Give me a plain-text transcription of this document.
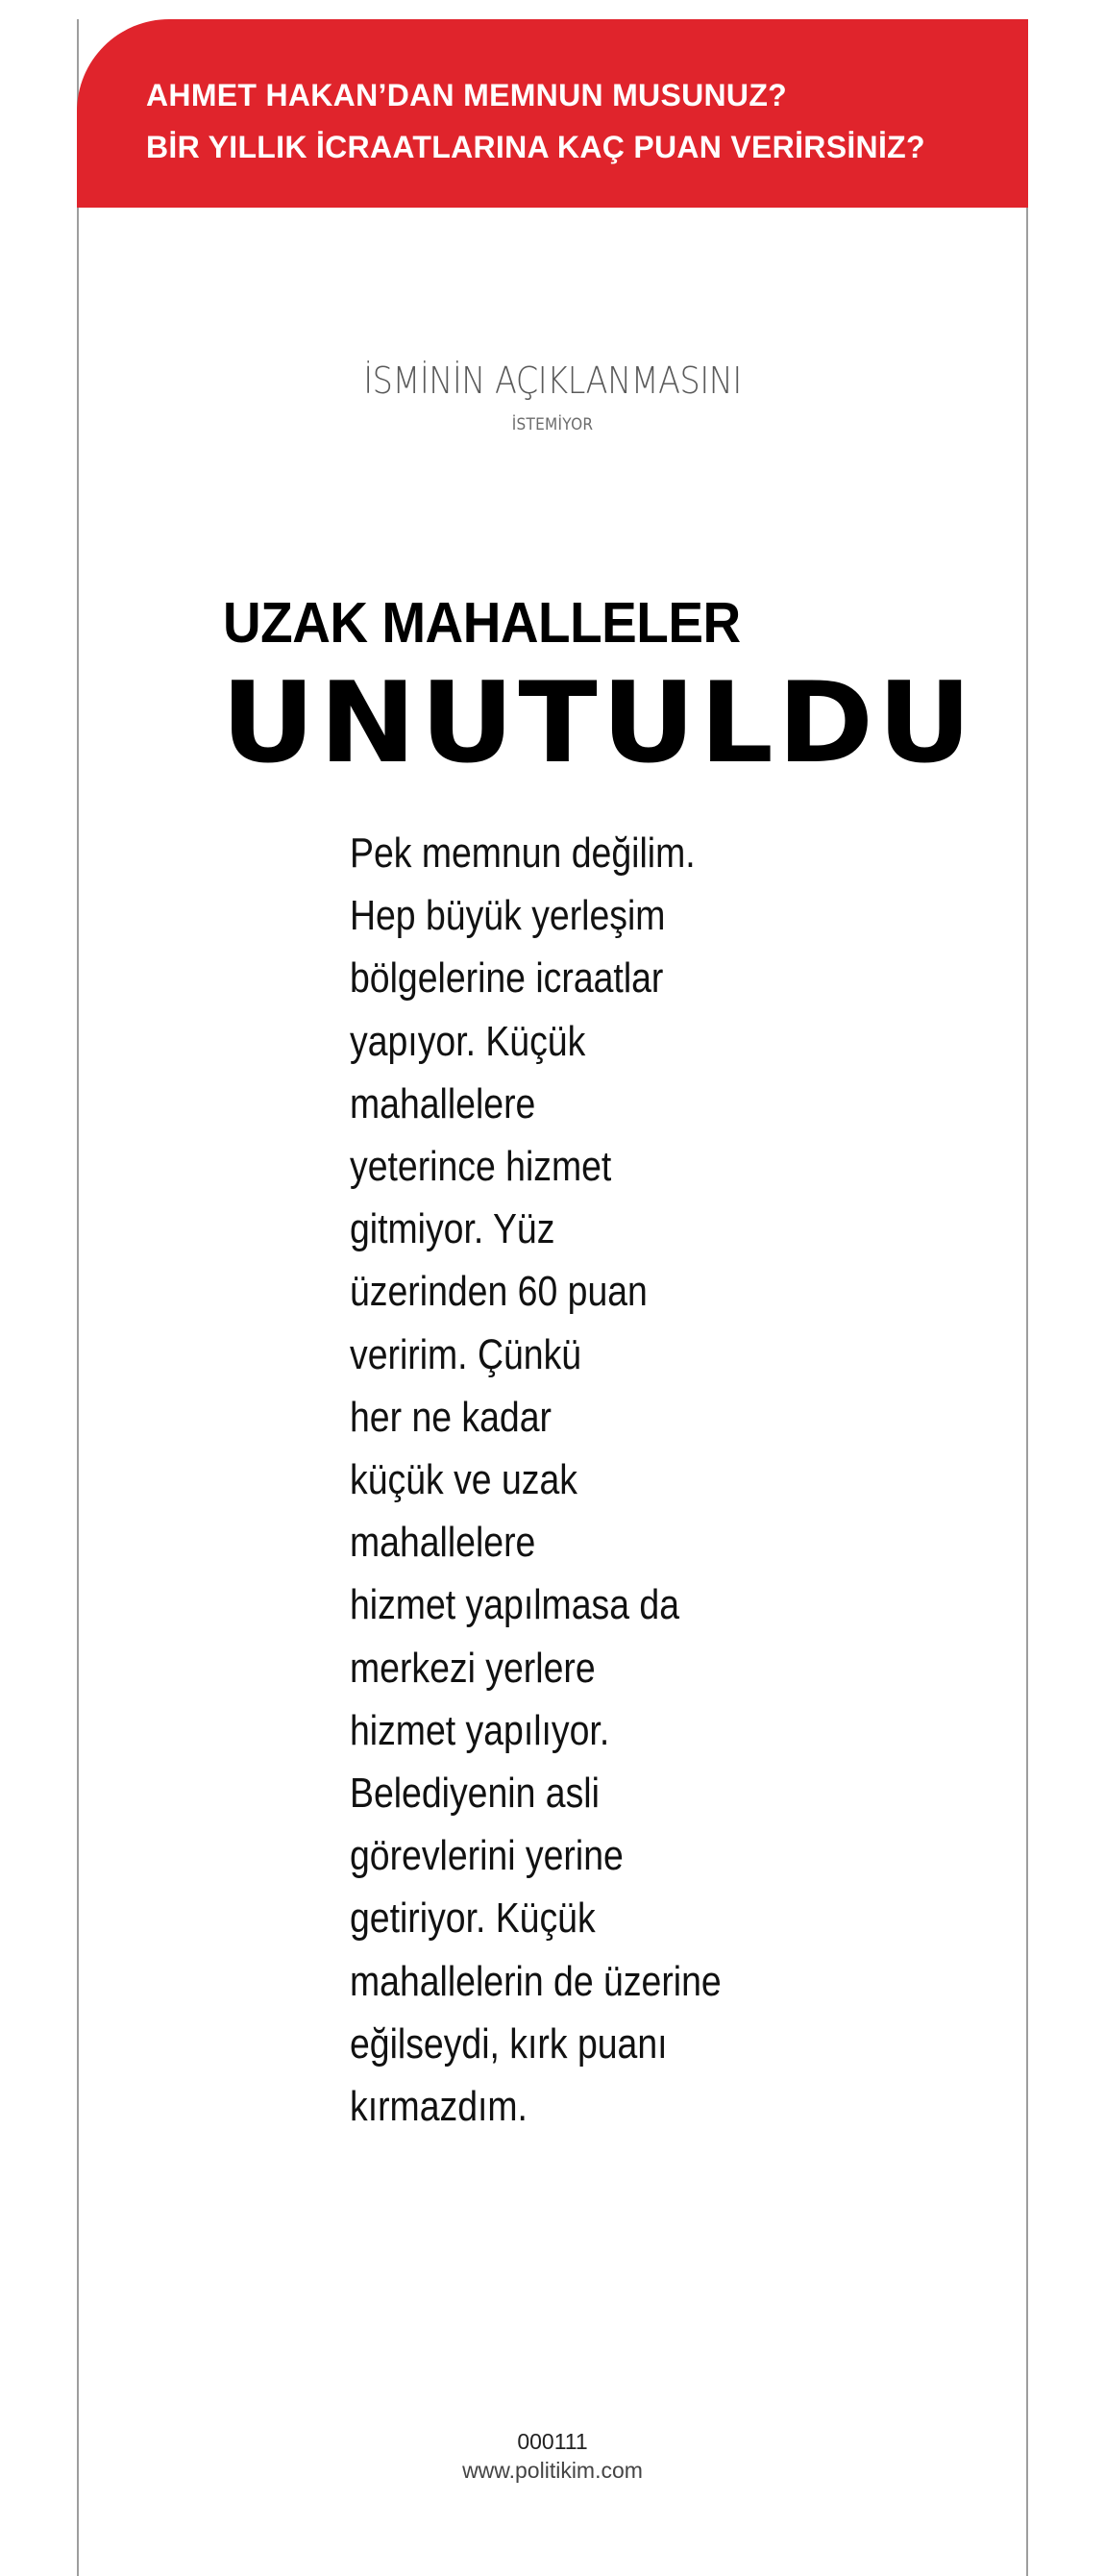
AHMET HAKAN’DAN MEMNUN MUSUNUZ?
BİR YILLIK İCRAATLARINA KAÇ PUAN VERİRSİNİZ?
İSMİNİN AÇIKLANMASINI
İSTEMİYOR
UZAK MAHALLELER
UNUTULDU
Pek memnun değilim.
Hep büyük yerleşim
bölgelerine icraatlar
yapıyor. Küçük
mahallelere
yeterince hizmet
gitmiyor. Yüz
üzerinden 60 puan
veririm. Çünkü
her ne kadar
küçük ve uzak
mahallelere
hizmet yapılmasa da
merkezi yerlere
hizmet yapılıyor.
Belediyenin asli
görevlerini yerine
getiriyor. Küçük
mahallelerin de üzerine
eğilseydi, kırk puanı
kırmazdım.
000111
www.politikim.com
